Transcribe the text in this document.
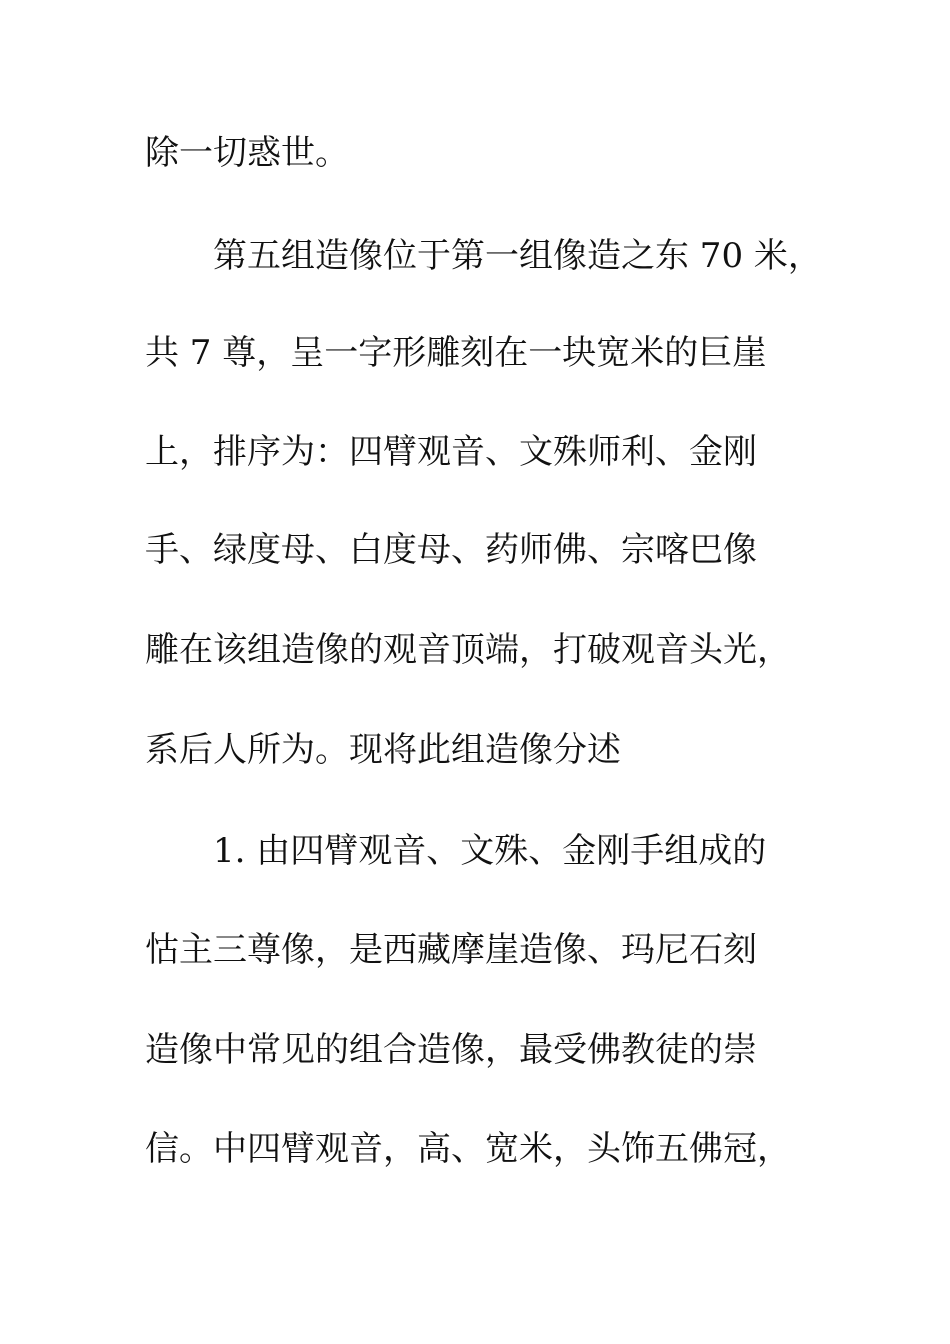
除一切惑世。
第五组造像位于第一组像造之东 70 米，
共 7 尊，呈一字形雕刻在一块宽米的巨崖
上，排序为：四臂观音、文殊师利、金刚
手、绿度母、白度母、药师佛、宗喀巴像
雕在该组造像的观音顶端，打破观音头光，
系后人所为。现将此组造像分述
1. 由四臂观音、文殊、金刚手组成的
怙主三尊像，是西藏摩崖造像、玛尼石刻
造像中常见的组合造像，最受佛教徒的崇
信。中四臂观音，高、宽米，头饰五佛冠，
